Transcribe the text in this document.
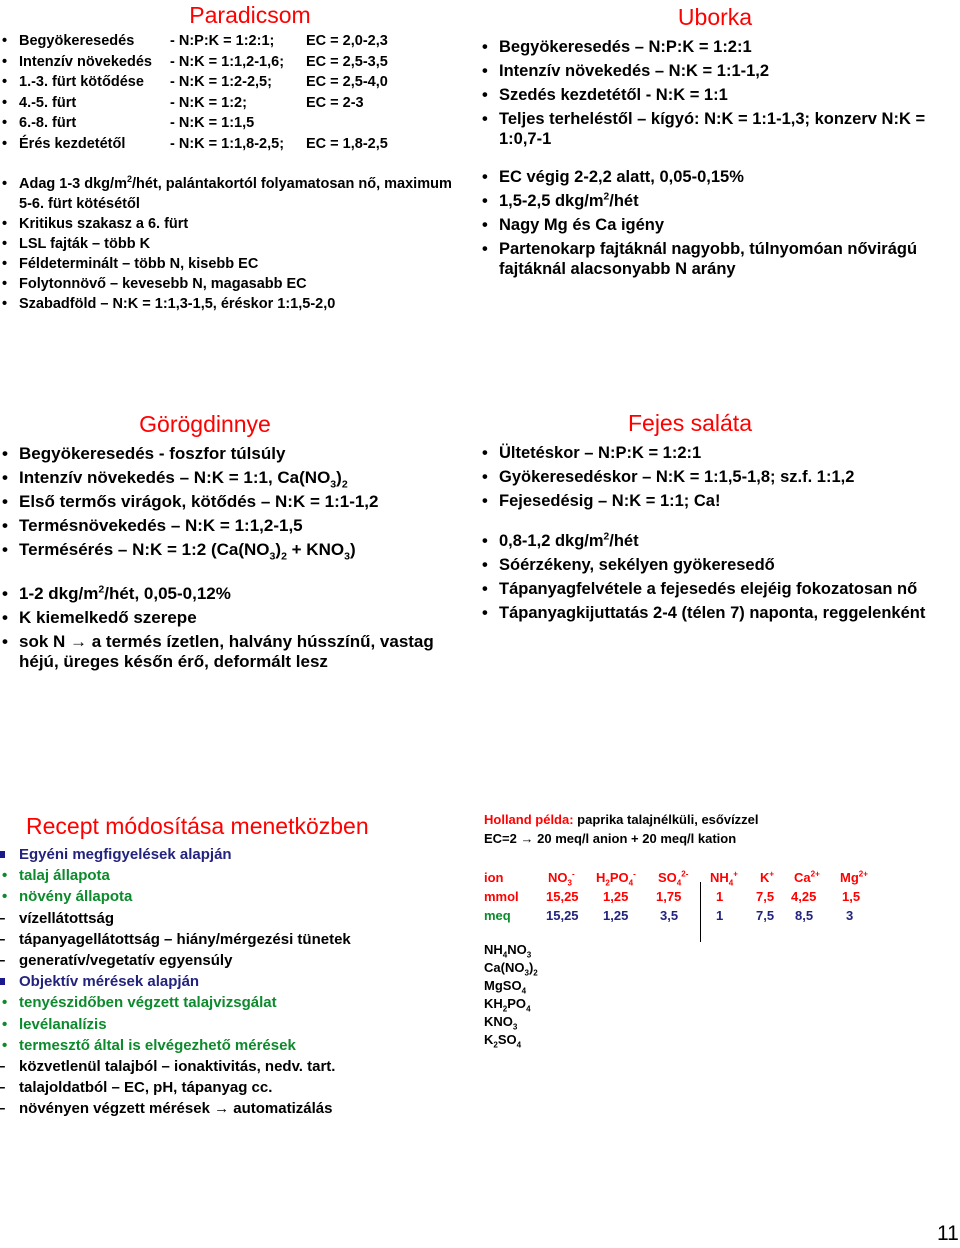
Paradicsom
• Begyökeresedés - N:P:K = 1:2:1; EC = 2,0-2,3
• Intenzív növekedés - N:K = 1:1,2-1,6; EC = 2,5-3,5
• 1.-3. fürt kötődése - N:K = 1:2-2,5; EC = 2,5-4,0
• 4.-5. fürt	- N:K = 1:2;	EC = 2-3
• 6.-8. fürt	- N:K = 1:1,5
• Érés kezdetétől	- N:K = 1:1,8-2,5; EC = 1,8-2,5
• Adag 1-3 dkg/$m^2$/hét, palántakortól folyamatosan nő, maximum 5-6. fürt kötésétől
• Kritikus szakasz a 6. fürt
• LSL fajták – több K
• Féldeterminált – több N, kisebb EC
• Folytonnövő – kevesebb N, magasabb EC
• Szabadföld – N:K = 1:1,3-1,5, éréskor 1:1,5-2,0
Uborka
• Begyökeresedés – N:P:K = 1:2:1
• Intenzív növekedés – N:K = 1:1-1,2
• Szedés kezdetétől - N:K = 1:1
• Teljes terheléstől – kígyó: N:K = 1:1-1,3; konzerv N:K = 1:0,7-1
• EC végig 2-2,2 alatt, 0,05-0,15%
• 1,5-2,5 dkg/$m^2$/hét
• Nagy Mg és Ca igény
• Partenokarp fajtáknál nagyobb, túlnyomóan nővirágú fajtáknál alacsonyabb N arány
Görögdinnye
• Begyökeresedés - foszfor túlsúly
• Intenzív növekedés – N:K = 1:1, $Ca(NO_3)_2$
• Első termős virágok, kötődés – N:K = 1:1-1,2
• Termésnövekedés – N:K = 1:1,2-1,5
• Termésérés – N:K = 1:2 $(Ca(NO_3)_2 + KNO_3)$
• 1-2 dkg/$m^2$/hét, 0,05-0,12%
• K kiemelkedő szerepe
• sok N → a termés ízetlen, halvány hússzínű, vastag héjú, üreges későn érő, deformált lesz
Fejes saláta
• Ültetéskor – N:P:K = 1:2:1
• Gyökeresedéskor – N:K = 1:1,5-1,8; sz.f. 1:1,2
• Fejesedésig – N:K = 1:1; Ca!
• 0,8-1,2 dkg/$m^2$/hét
• Sóérzékeny, sekélyen gyökeresedő
• Tápanyagfelvétele a fejesedés elejéig fokozatosan nő
• Tápanyagkijuttatás 2-4 (télen 7) naponta, reggelenként
Recept módosítása menetközben
Egyéni megfigyelések alapján
• talaj állapota
• növény állapota
– vízellátottság
– tápanyagellátottság – hiány/mérgezési tünetek
– generatív/vegetatív egyensúly
Objektív mérések alapján
• tenyészidőben végzett talajvizsgálat
• levélanalízis
• termesztő által is elvégezhető mérések
– közvetlenül talajból – ionaktivitás, nedv. tart.
– talajoldatból – EC, pH, tápanyag cc.
– növényen végzett mérések → automatizálás
Holland példa: paprika talajnélküli, esővízzel
EC=2 → 20 meq/l anion + 20 meq/l kation
ion	$NO_3^-$ $H_2PO_4^-$ $SO_4^{2-}$ $NH_4^+$ K+ $Ca^{2+}$ $Mg^{2+}$
mmol 15,25 1,25 1,75	1	7,5 4,25 1,5
meq	15,25 1,25 3,5	1	7,5 8,5	3
$NH_4NO_3$
$Ca(NO_3)_2$
MgSO$_4$
$KH_2PO_4$
$KNO_3$
$K_2SO_4$
11
